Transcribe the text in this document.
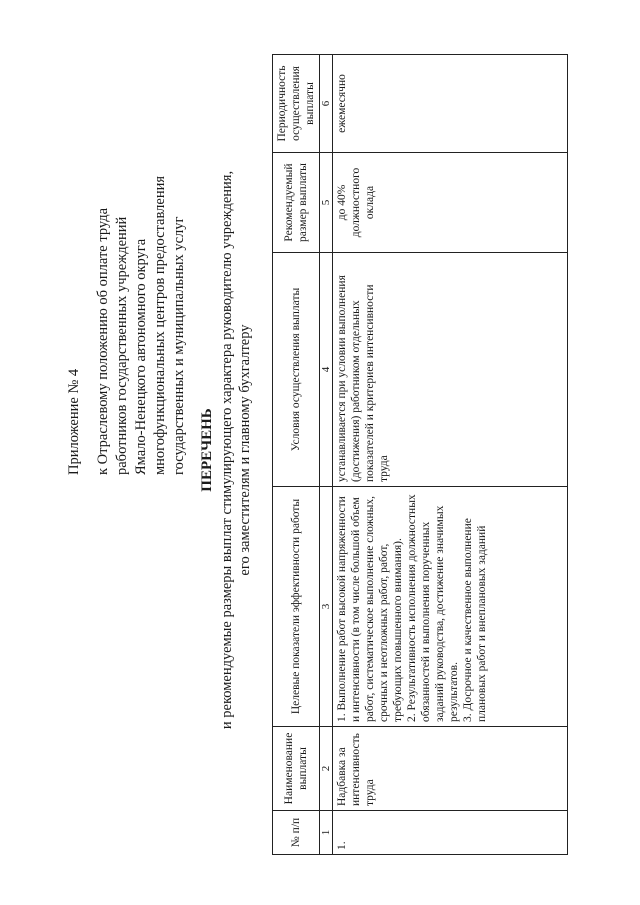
Приложение № 4 к Отраслевому положению об оплате труда работников государственных учреждений Ямало-Ненецкого автономного округа многофункциональных центров предоставления государственных и муниципальных услуг ПЕРЕЧЕНЬ и рекомендуемые размеры выплат стимулирующего характера руководителю учреждения, его заместителям и главному бухгалтеру
№ п/п	Наименование выплаты	Целевые показатели эффективности работы	Условия осуществления выплаты	Рекомендуемый размер выплаты	Периодичность осуществления выплаты
1	2	3	4	5	6
1.	Надбавка за интенсивность труда	1. Выполнение работ высокой напряженности и интенсивности (в том числе большой объем работ, систематическое выполнение сложных, срочных и неотложных работ, работ, требующих повышенного внимания). 2. Результативность исполнения должностных обязанностей и выполнения порученных заданий руководства, достижение значимых результатов. 3. Досрочное и качественное выполнение плановых работ и внеплановых заданий	устанавливается при условии выполнения (достижения) работником отдельных показателей и критериев интенсивности труда	до 40% должностного оклада	ежемесячно
